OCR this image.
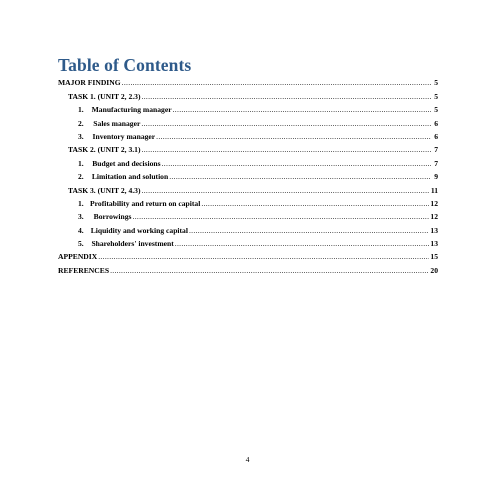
Table of Contents
MAJOR FINDING .....	5
TASK 1. (UNIT 2, 2.3) .....	5
1.	Manufacturing manager .....	5
2.	Sales manager .....	6
3.	Inventory manager .....	6
TASK 2. (UNIT 2, 3.1) .....	7
1.	Budget and decisions .....	7
2.	Limitation and solution .....	9
TASK 3. (UNIT 2, 4.3) .....	11
1. Profitability and return on capital .....	12
3.	Borrowings .....	12
4. Liquidity and working capital .....	13
5.	Shareholders' investment .....	13
APPENDIX .....	15
REFERENCES .....	20
4
